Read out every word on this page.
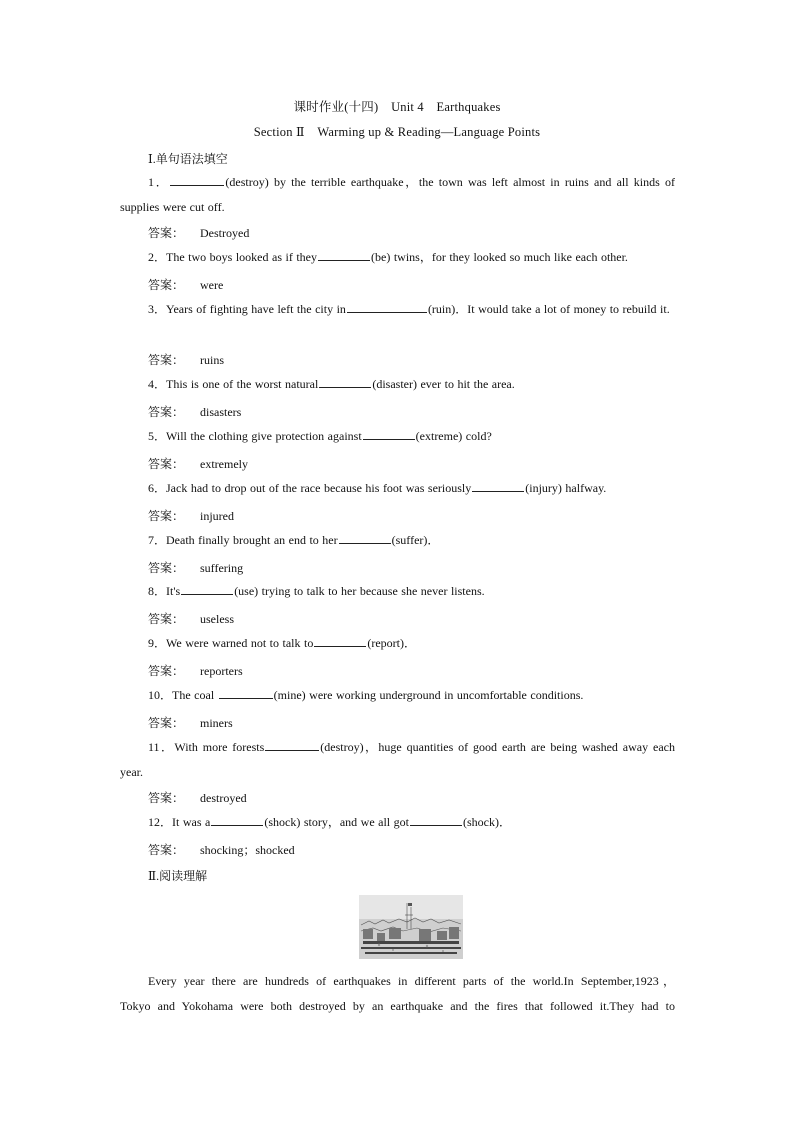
课时作业(十四)　Unit 4　Earthquakes
Section Ⅱ　Warming up & Reading—Language Points
Ⅰ.单句语法填空
1．	(destroy) by the terrible earthquake，the town was left almost in ruins and all kinds of supplies were cut off.
答案： Destroyed
2．The two boys looked as if they	(be) twins，for they looked so much like each other.
答案： were
3．Years of fighting have left the city in	(ruin)．It would take a lot of money to rebuild it.
答案： ruins
4．This is one of the worst natural	(disaster) ever to hit the area.
答案： disasters
5．Will the clothing give protection against	(extreme) cold?
答案： extremely
6．Jack had to drop out of the race because his foot was seriously	(injury) halfway.
答案： injured
7．Death finally brought an end to her	(suffer)．
答案： suffering
8．It's	(use) trying to talk to her because she never listens.
答案： useless
9．We were warned not to talk to	(report)．
答案： reporters
10．The coal	(mine) were working underground in uncomfortable conditions.
答案： miners
11．With more forests	(destroy)，huge quantities of good earth are being washed away each year.
答案： destroyed
12．It was a	(shock) story，and we all got	(shock)．
答案： shocking；shocked
Ⅱ.阅读理解
Every year there are hundreds of earthquakes in different parts of the world.In September,1923，
Tokyo and Yokohama were both destroyed by an earthquake and the fires that followed it.They had to
